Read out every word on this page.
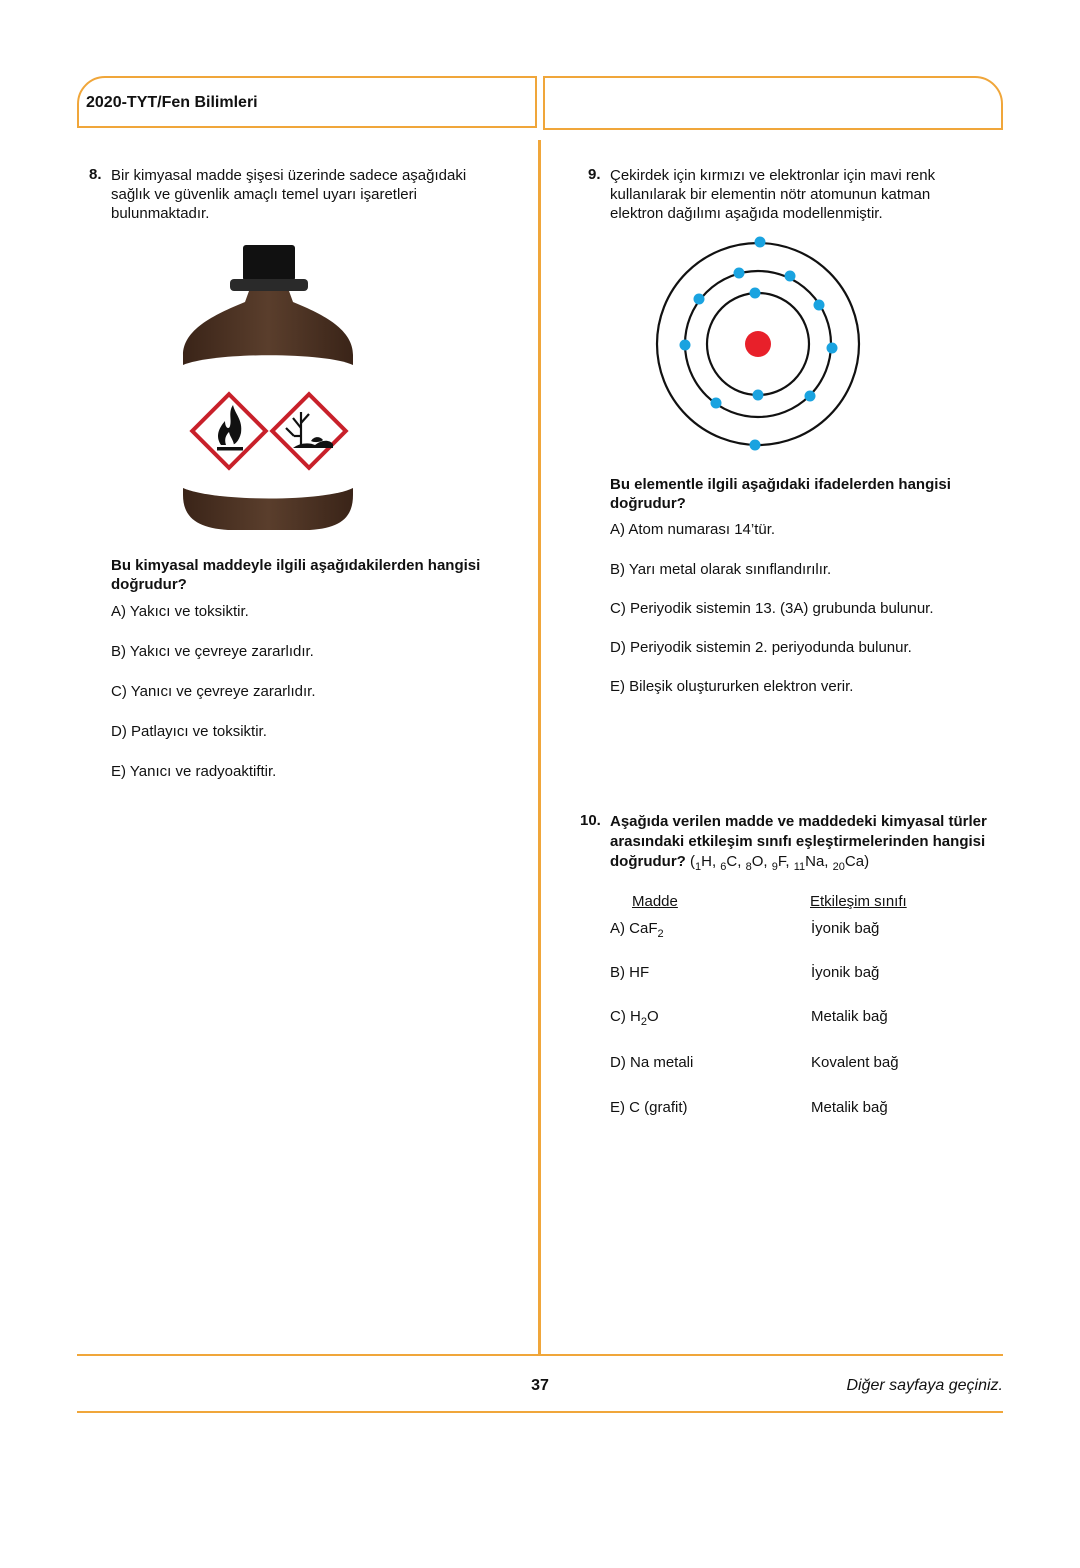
2020-TYT/Fen Bilimleri
8. Bir kimyasal madde şişesi üzerinde sadece aşağıdaki
sağlık ve güvenlik amaçlı temel uyarı işaretleri
bulunmaktadır.
Bu kimyasal maddeyle ilgili aşağıdakilerden hangisi
doğrudur?
A) Yakıcı ve toksiktir.
B) Yakıcı ve çevreye zararlıdır.
C) Yanıcı ve çevreye zararlıdır.
D) Patlayıcı ve toksiktir.
E) Yanıcı ve radyoaktiftir.
9. Çekirdek için kırmızı ve elektronlar için mavi renk
kullanılarak bir elementin nötr atomunun katman
elektron dağılımı aşağıda modellenmiştir.
Bu elementle ilgili aşağıdaki ifadelerden hangisi
doğrudur?
A) Atom numarası 14’tür.
B) Yarı metal olarak sınıflandırılır.
C) Periyodik sistemin 13. (3A) grubunda bulunur.
D) Periyodik sistemin 2. periyodunda bulunur.
E) Bileşik oluştururken elektron verir.
10. Aşağıda verilen madde ve maddedeki kimyasal türler
arasındaki etkileşim sınıfı eşleştirmelerinden hangisi
doğrudur? ($_1H$, $_6$C, $_8$O, $_9$F, $_{11}$Na, $_{20}$Ca)
Madde	Etkileşim sınıfı
A) CaF$_2$	İyonik bağ
B) HF	İyonik bağ
C) $H_2O$	Metalik bağ
D) Na metali	Kovalent bağ
E) C (grafit)	Metalik bağ
37	Diğer sayfaya geçiniz.
